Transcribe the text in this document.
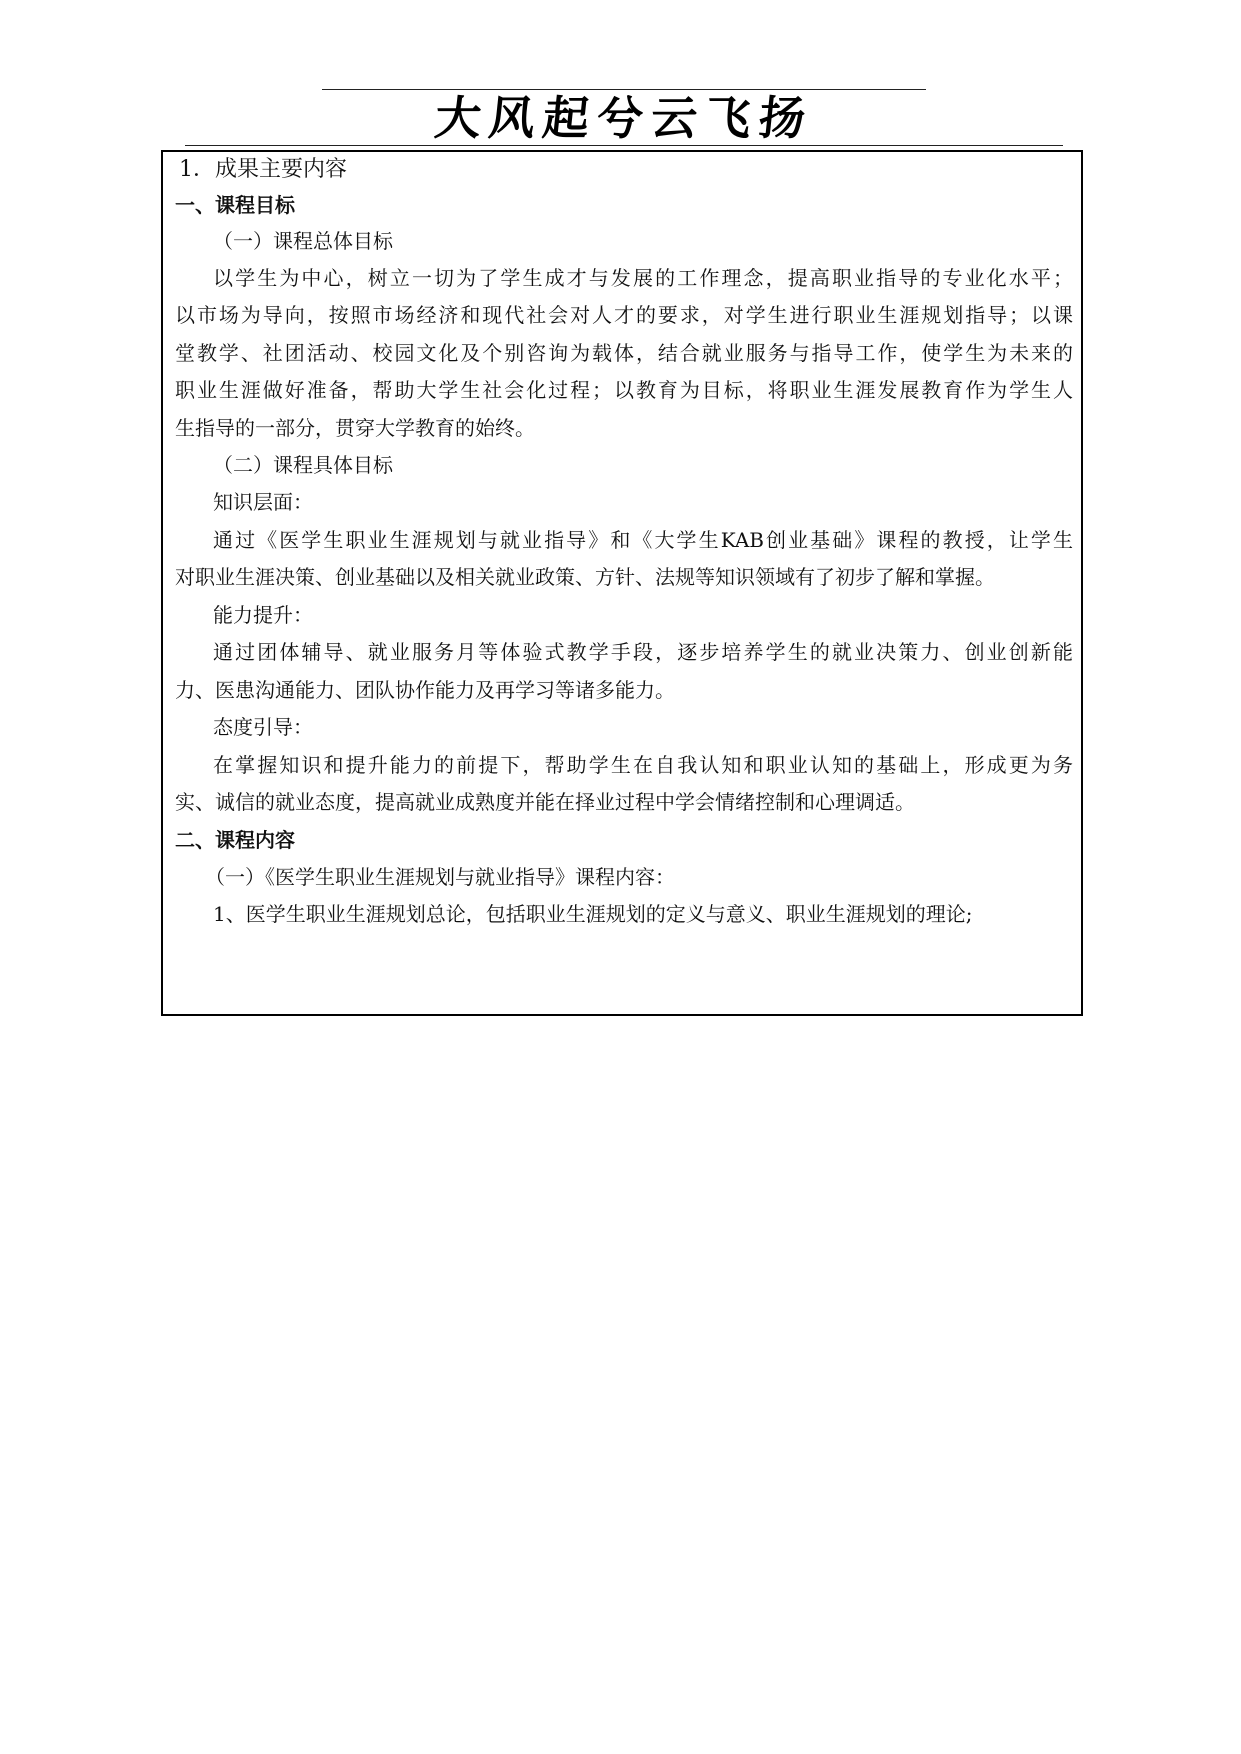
大风起兮云飞扬
1．成果主要内容
一、课程目标
（一）课程总体目标
以学生为中心，树立一切为了学生成才与发展的工作理念，提高职业指导的专业化水平；
以市场为导向，按照市场经济和现代社会对人才的要求，对学生进行职业生涯规划指导；以课
堂教学、社团活动、校园文化及个别咨询为载体，结合就业服务与指导工作，使学生为未来的
职业生涯做好准备，帮助大学生社会化过程；以教育为目标，将职业生涯发展教育作为学生人
生指导的一部分，贯穿大学教育的始终。
（二）课程具体目标
知识层面：
通过《医学生职业生涯规划与就业指导》和《大学生KAB创业基础》课程的教授，让学生
对职业生涯决策、创业基础以及相关就业政策、方针、法规等知识领域有了初步了解和掌握。
能力提升：
通过团体辅导、就业服务月等体验式教学手段，逐步培养学生的就业决策力、创业创新能
力、医患沟通能力、团队协作能力及再学习等诸多能力。
态度引导：
在掌握知识和提升能力的前提下，帮助学生在自我认知和职业认知的基础上，形成更为务
实、诚信的就业态度，提高就业成熟度并能在择业过程中学会情绪控制和心理调适。
二、课程内容
（一）《医学生职业生涯规划与就业指导》课程内容：
1、医学生职业生涯规划总论，包括职业生涯规划的定义与意义、职业生涯规划的理论;
